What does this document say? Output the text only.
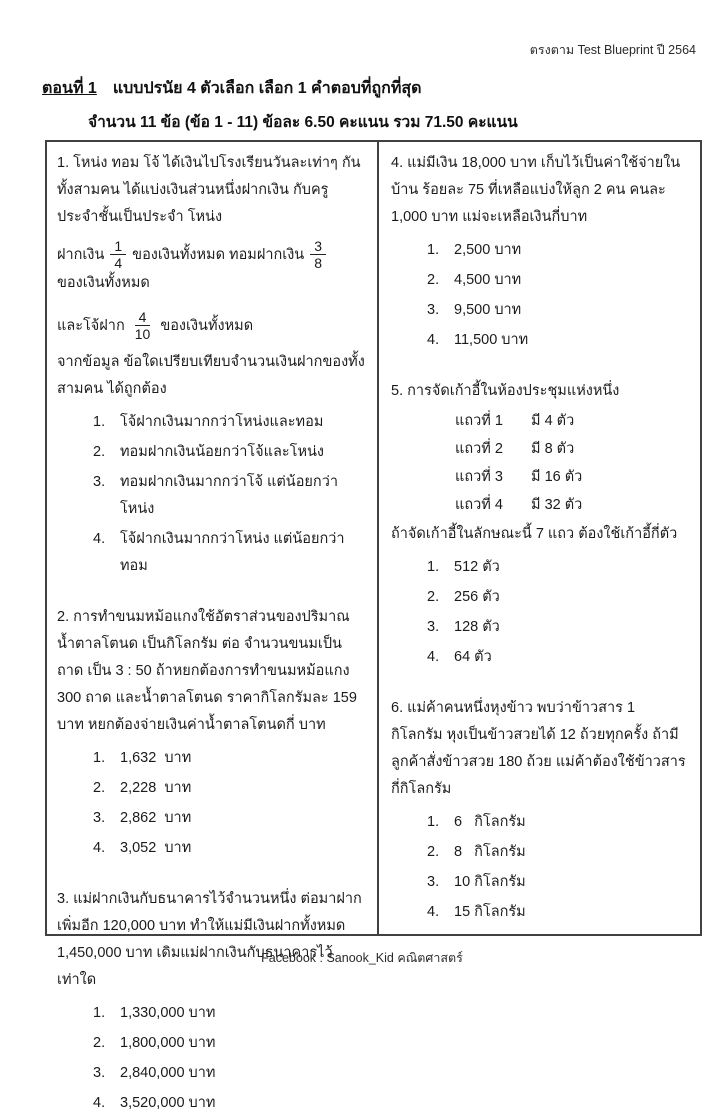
ตรงตาม Test Blueprint ปี 2564
ตอนที่ 1 แบบปรนัย 4 ตัวเลือก เลือก 1 คำตอบที่ถูกที่สุด
จำนวน 11 ข้อ (ข้อ 1 - 11) ข้อละ 6.50 คะแนน รวม 71.50 คะแนน

1. โหน่ง ทอม โจ้ ได้เงินไปโรงเรียนวันละเท่าๆ กัน ทั้งสามคน ได้แบ่งเงินส่วนหนึ่งฝากเงิน กับครูประจำชั้นเป็นประจำ โหน่ง

ฝากเงิน $\frac{1}{4}$ ของเงินทั้งหมด ทอมฝากเงิน $\frac{3}{8}$
ของเงินทั้งหมด
และโจ้ฝาก $\frac{4}{10}$ ของเงินทั้งหมด

จากข้อมูล ข้อใดเปรียบเทียบจำนวนเงินฝากของทั้งสามคน ได้ถูกต้อง

1. โจ้ฝากเงินมากกว่าโหน่งและทอม
2. ทอมฝากเงินน้อยกว่าโจ้และโหน่ง
3. ทอมฝากเงินมากกว่าโจ้ แต่น้อยกว่าโหน่ง
4. โจ้ฝากเงินมากกว่าโหน่ง แต่น้อยกว่าทอม

2. การทำขนมหม้อแกงใช้อัตราส่วนของปริมาณน้ำตาลโตนด เป็นกิโลกรัม ต่อ จำนวนขนมเป็นถาด เป็น 3 : 50 ถ้าหยกต้องการทำขนมหม้อแกง 300 ถาด และน้ำตาลโตนด ราคากิโลกรัมละ 159 บาท หยกต้องจ่ายเงินค่าน้ำตาลโตนดกี่ บาท

1. 1,632  บาท
2. 2,228  บาท
3. 2,862  บาท
4. 3,052  บาท

3. แม่ฝากเงินกับธนาคารไว้จำนวนหนึ่ง ต่อมาฝากเพิ่มอีก 120,000 บาท ทำให้แม่มีเงินฝากทั้งหมด 1,450,000 บาท เดิมแม่ฝากเงินกับธนาคารไว้เท่าใด

1. 1,330,000 บาท
2. 1,800,000 บาท
3. 2,840,000 บาท
4. 3,520,000 บาท

4. แม่มีเงิน 18,000 บาท เก็บไว้เป็นค่าใช้จ่ายในบ้าน ร้อยละ 75 ที่เหลือแบ่งให้ลูก 2 คน คนละ 1,000 บาท แม่จะเหลือเงินกี่บาท

1. 2,500 บาท
2. 4,500 บาท
3. 9,500 บาท
4. 11,500 บาท

5. การจัดเก้าอี้ในห้องประชุมแห่งหนึ่ง

แถวที่ 1	มี 4 ตัว
แถวที่ 2	มี 8 ตัว
แถวที่ 3	มี 16 ตัว
แถวที่ 4	มี 32 ตัว

ถ้าจัดเก้าอี้ในลักษณะนี้ 7 แถว ต้องใช้เก้าอี้กี่ตัว

1. 512 ตัว
2. 256 ตัว
3. 128 ตัว
4. 64 ตัว

6. แม่ค้าคนหนึ่งหุงข้าว พบว่าข้าวสาร 1 กิโลกรัม หุงเป็นข้าวสวยได้ 12 ถ้วยทุกครั้ง ถ้ามีลูกค้าสั่งข้าวสวย 180 ถ้วย แม่ค้าต้องใช้ข้าวสารกี่กิโลกรัม

1. 6   กิโลกรัม
2. 8   กิโลกรัม
3. 10 กิโลกรัม
4. 15 กิโลกรัม
Facebook : Sanook_Kid คณิตศาสตร์
